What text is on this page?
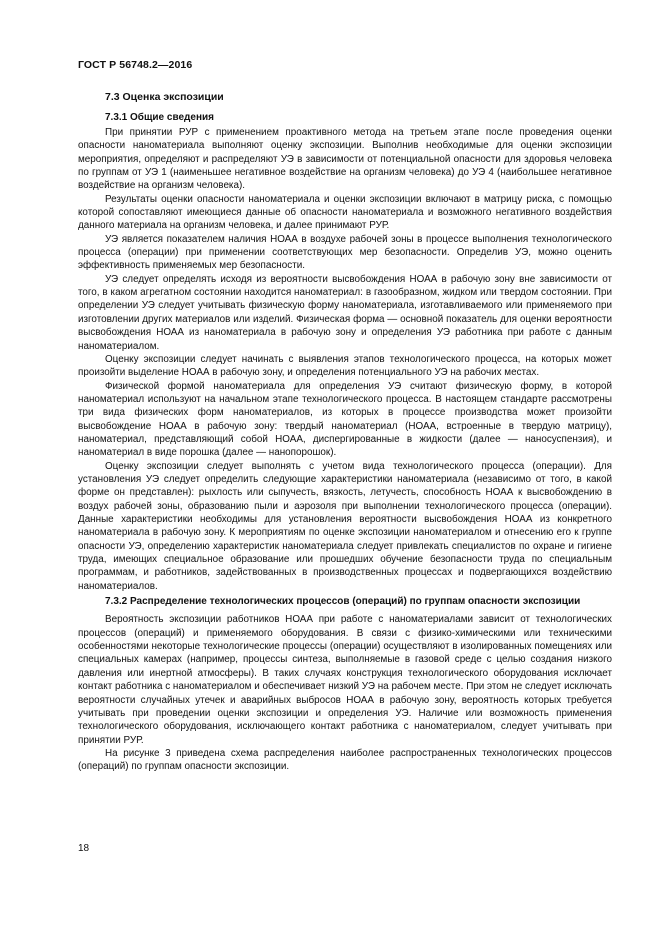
ГОСТ Р 56748.2—2016
7.3 Оценка экспозиции
7.3.1 Общие сведения

При принятии РУР с применением проактивного метода на третьем этапе после проведения оценки опасности наноматериала выполняют оценку экспозиции. Выполнив необходимые для оценки экспозиции мероприятия, определяют и распределяют УЭ в зависимости от потенциальной опасности для здоровья человека по группам от УЭ 1 (наименьшее негативное воздействие на организм человека) до УЭ 4 (наибольшее негативное воздействие на организм человека).

Результаты оценки опасности наноматериала и оценки экспозиции включают в матрицу риска, с помощью которой сопоставляют имеющиеся данные об опасности наноматериала и возможного негативного воздействия данного материала на организм человека, и далее принимают РУР.

УЭ является показателем наличия НОАА в воздухе рабочей зоны в процессе выполнения технологического процесса (операции) при применении соответствующих мер безопасности. Определив УЭ, можно оценить эффективность применяемых мер безопасности.

УЭ следует определять исходя из вероятности высвобождения НОАА в рабочую зону вне зависимости от того, в каком агрегатном состоянии находится наноматериал: в газообразном, жидком или твердом состоянии. При определении УЭ следует учитывать физическую форму наноматериала, изготавливаемого или применяемого при изготовлении других материалов или изделий. Физическая форма — основной показатель для оценки вероятности высвобождения НОАА из наноматериала в рабочую зону и определения УЭ работника при работе с данным наноматериалом.

Оценку экспозиции следует начинать с выявления этапов технологического процесса, на которых может произойти выделение НОАА в рабочую зону, и определения потенциального УЭ на рабочих местах.

Физической формой наноматериала для определения УЭ считают физическую форму, в которой наноматериал используют на начальном этапе технологического процесса. В настоящем стандарте рассмотрены три вида физических форм наноматериалов, из которых в процессе производства может произойти высвобождение НОАА в рабочую зону: твердый наноматериал (НОАА, встроенные в твердую матрицу), наноматериал, представляющий собой НОАА, диспергированные в жидкости (далее — наносуспензия), и наноматериал в виде порошка (далее — нанопорошок).

Оценку экспозиции следует выполнять с учетом вида технологического процесса (операции). Для установления УЭ следует определить следующие характеристики наноматериала (независимо от того, в какой форме он представлен): рыхлость или сыпучесть, вязкость, летучесть, способность НОАА к высвобождению в воздух рабочей зоны, образованию пыли и аэрозоля при выполнении технологического процесса (операции). Данные характеристики необходимы для установления вероятности высвобождения НОАА из конкретного наноматериала в рабочую зону. К мероприятиям по оценке экспозиции наноматериалом и отнесению его к группе опасности УЭ, определению характеристик наноматериала следует привлекать специалистов по охране и гигиене труда, имеющих специальное образование или прошедших обучение безопасности труда по специальным программам, и работников, задействованных в производственных процессах и подвергающихся воздействию наноматериалов.

7.3.2 Распределение технологических процессов (операций) по группам опасности экспозиции

Вероятность экспозиции работников НОАА при работе с наноматериалами зависит от технологических процессов (операций) и применяемого оборудования. В связи с физико-химическими или техническими особенностями некоторые технологические процессы (операции) осуществляют в изолированных помещениях или специальных камерах (например, процессы синтеза, выполняемые в газовой среде с целью создания низкого давления или инертной атмосферы). В таких случаях конструкция технологического оборудования исключает контакт работника с наноматериалом и обеспечивает низкий УЭ на рабочем месте. При этом не следует исключать вероятности случайных утечек и аварийных выбросов НОАА в рабочую зону, вероятность которых требуется учитывать при проведении оценки экспозиции и определения УЭ. Наличие или возможность применения технологического оборудования, исключающего контакт работника с наноматериалом, следует учитывать при принятии РУР.

На рисунке 3 приведена схема распределения наиболее распространенных технологических процессов (операций) по группам опасности экспозиции.

18
